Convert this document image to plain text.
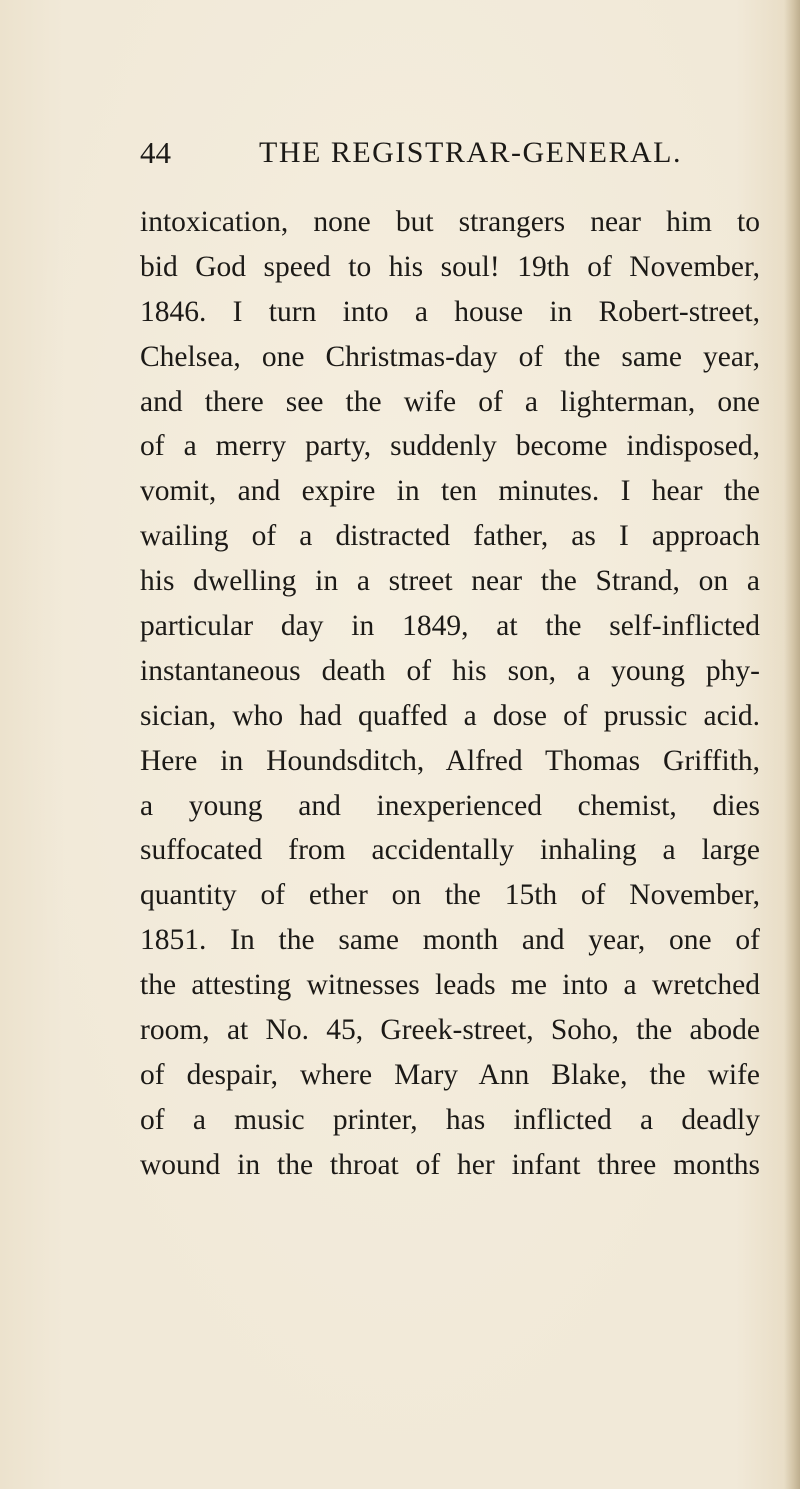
44	THE REGISTRAR-GENERAL.
intoxication, none but strangers near him to
bid God speed to his soul! 19th of November,
1846. I turn into a house in Robert-street,
Chelsea, one Christmas-day of the same year,
and there see the wife of a lighterman, one
of a merry party, suddenly become indisposed,
vomit, and expire in ten minutes. I hear the
wailing of a distracted father, as I approach
his dwelling in a street near the Strand, on a
particular day in 1849, at the self-inflicted
instantaneous death of his son, a young phy-
sician, who had quaffed a dose of prussic acid.
Here in Houndsditch, Alfred Thomas Griffith,
a young and inexperienced chemist, dies
suffocated from accidentally inhaling a large
quantity of ether on the 15th of November,
1851. In the same month and year, one of
the attesting witnesses leads me into a wretched
room, at No. 45, Greek-street, Soho, the abode
of despair, where Mary Ann Blake, the wife
of a music printer, has inflicted a deadly
wound in the throat of her infant three months
